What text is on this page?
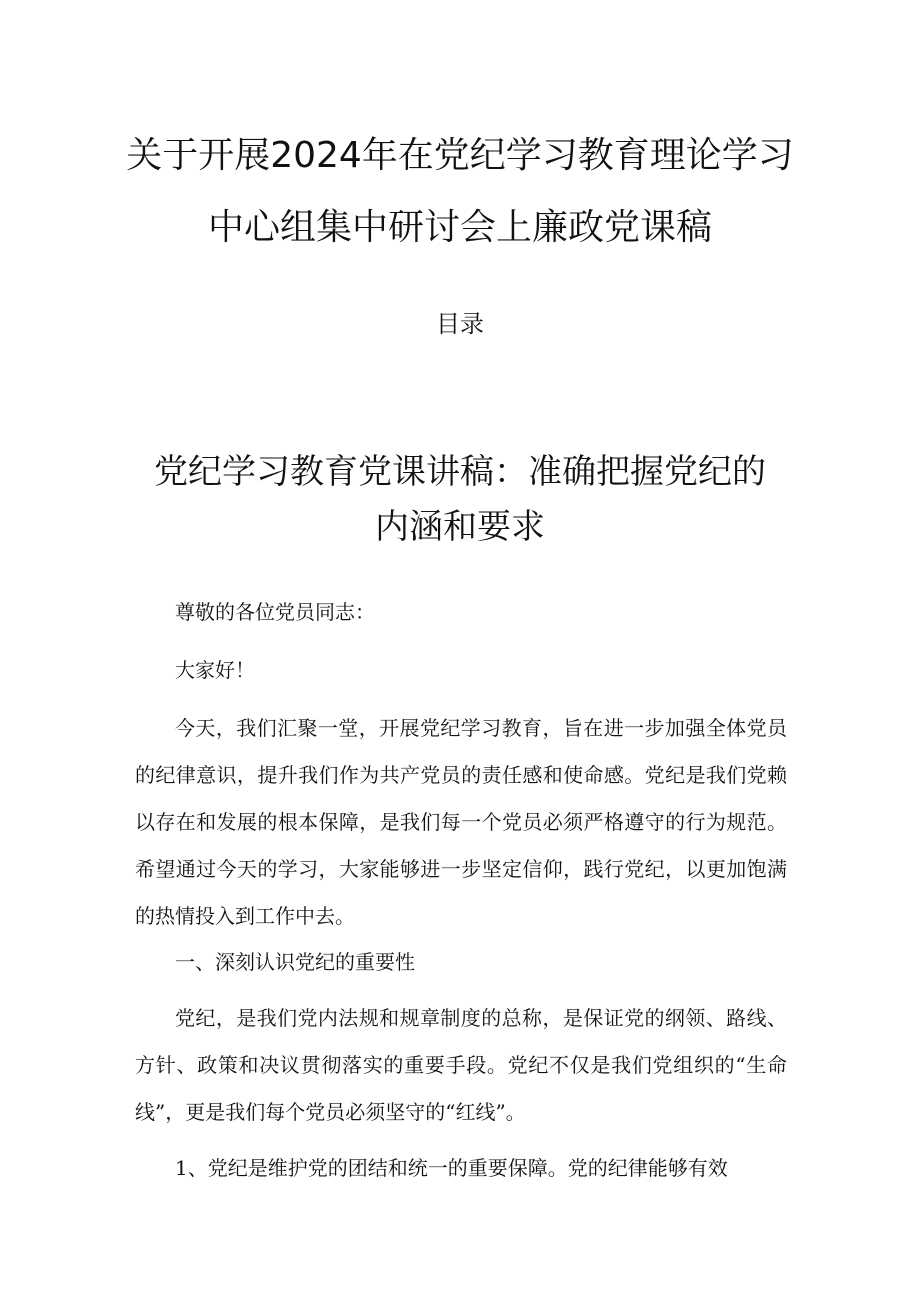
关于开展2024年在党纪学习教育理论学习
中心组集中研讨会上廉政党课稿
目录
党纪学习教育党课讲稿：准确把握党纪的
内涵和要求
尊敬的各位党员同志：
大家好！
今天，我们汇聚一堂，开展党纪学习教育，旨在进一步加强全体党员的纪律意识，提升我们作为共产党员的责任感和使命感。党纪是我们党赖以存在和发展的根本保障，是我们每一个党员必须严格遵守的行为规范。希望通过今天的学习，大家能够进一步坚定信仰，践行党纪，以更加饱满的热情投入到工作中去。
一、深刻认识党纪的重要性
党纪，是我们党内法规和规章制度的总称，是保证党的纲领、路线、方针、政策和决议贯彻落实的重要手段。党纪不仅是我们党组织的“生命线”，更是我们每个党员必须坚守的“红线”。
1、党纪是维护党的团结和统一的重要保障。党的纪律能够有效
